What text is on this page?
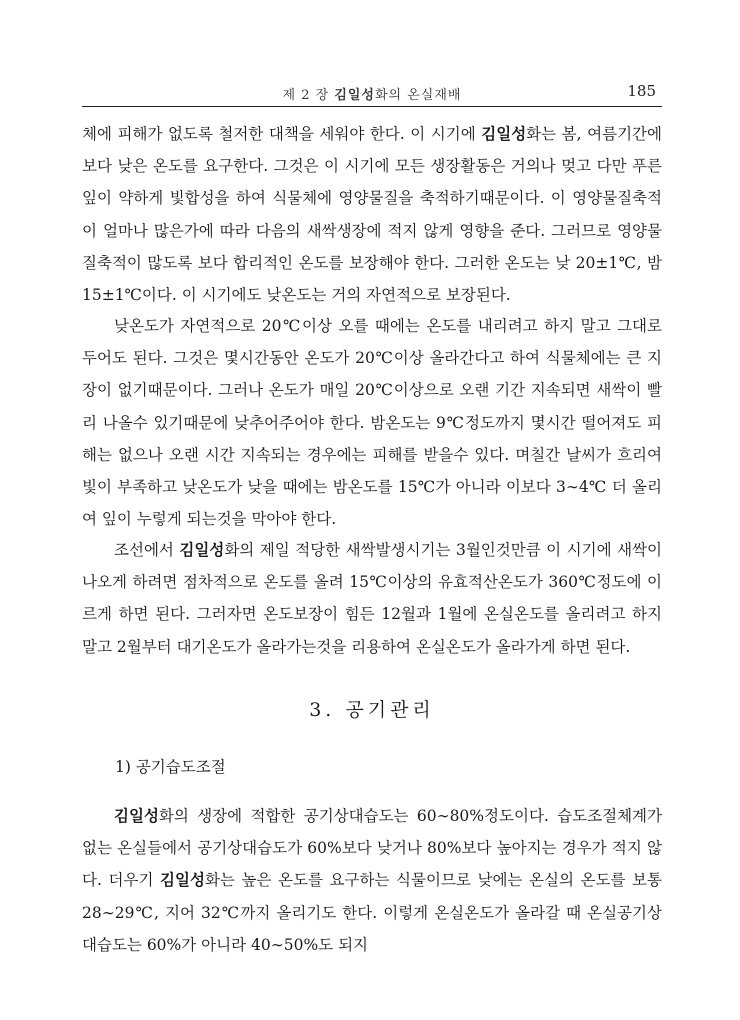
제 2 장 김일성화의 온실재배	185
체에 피해가 없도록 철저한 대책을 세워야 한다. 이 시기에 김일성화는 봄, 여름기간에보다 낮은 온도를 요구한다. 그것은 이 시기에 모든 생장활동은 거의나 멎고 다만 푸른 잎이 약하게 빛합성을 하여 식물체에 영양물질을 축적하기때문이다. 이 영양물질축적이 얼마나 많은가에 따라 다음의 새싹생장에 적지 않게 영향을 준다. 그러므로 영양물질축적이 많도록 보다 합리적인 온도를 보장해야 한다. 그러한 온도는 낮 20±1℃, 밤 15±1℃이다. 이 시기에도 낮온도는 거의 자연적으로 보장된다.
낮온도가 자연적으로 20℃이상 오를 때에는 온도를 내리려고 하지 말고 그대로 두어도 된다. 그것은 몇시간동안 온도가 20℃이상 올라간다고 하여 식물체에는 큰 지장이 없기때문이다. 그러나 온도가 매일 20℃이상으로 오랜 기간 지속되면 새싹이 빨리 나올수 있기때문에 낮추어주어야 한다. 밤온도는 9℃정도까지 몇시간 떨어져도 피해는 없으나 오랜 시간 지속되는 경우에는 피해를 받을수 있다. 며칠간 날씨가 흐리여 빛이 부족하고 낮온도가 낮을 때에는 밤온도를 15℃가 아니라 이보다 3∼4℃ 더 올리여 잎이 누렇게 되는것을 막아야 한다.
조선에서 김일성화의 제일 적당한 새싹발생시기는 3월인것만큼 이 시기에 새싹이 나오게 하려면 점차적으로 온도를 올려 15℃이상의 유효적산온도가 360℃정도에 이르게 하면 된다. 그러자면 온도보장이 힘든 12월과 1월에 온실온도를 올리려고 하지 말고 2월부터 대기온도가 올라가는것을 리용하여 온실온도가 올라가게 하면 된다.
3. 공기관리
1) 공기습도조절
김일성화의 생장에 적합한 공기상대습도는 60∼80%정도이다. 습도조절체계가 없는 온실들에서 공기상대습도가 60%보다 낮거나 80%보다 높아지는 경우가 적지 않다. 더우기 김일성화는 높은 온도를 요구하는 식물이므로 낮에는 온실의 온도를 보통 28∼29℃, 지어 32℃까지 올리기도 한다. 이렇게 온실온도가 올라갈 때 온실공기상대습도는 60%가 아니라 40∼50%도 되지
